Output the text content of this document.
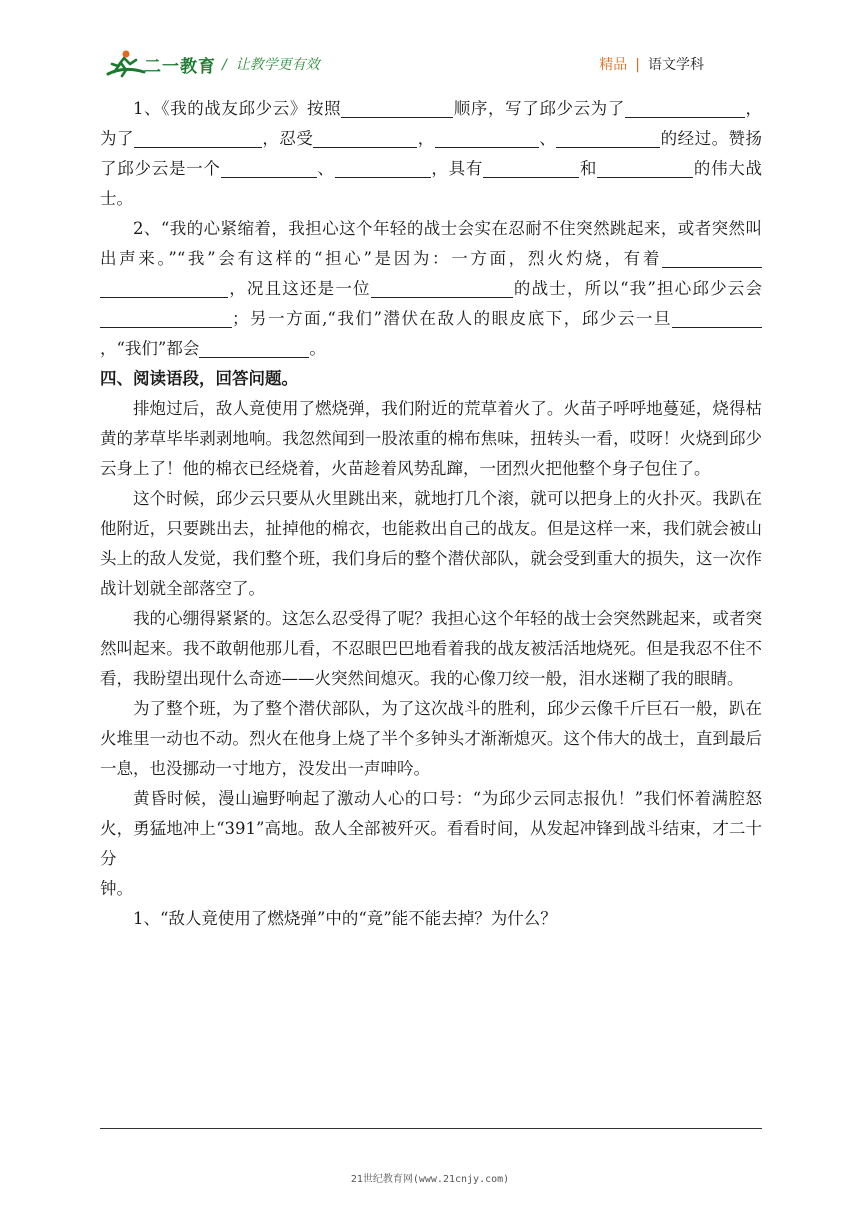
二一教育 /  让教学更有效	精品 | 语文学科

1、《我的战友邱少云》按照	顺序，写了邱少云为了	，为了	，忍受	，	、	的经过。赞扬了邱少云是一个	、	，具有	和	的伟大战士。

2、“我的心紧缩着，我担心这个年轻的战士会实在忍耐不住突然跳起来，或者突然叫出声来。”“我”会有这样的“担心”是因为：一方面，烈火灼烧，有着，况且这还是一位	的战士，所以“我”担心邱少云会；另一方面,“我们”潜伏在敌人的眼皮底下，邱少云一旦，“我们”都会	。

四、阅读语段，回答问题。

排炮过后，敌人竟使用了燃烧弹，我们附近的荒草着火了。火苗子呼呼地蔓延，烧得枯黄的茅草毕毕剥剥地响。我忽然闻到一股浓重的棉布焦味，扭转头一看，哎呀！火烧到邱少云身上了！他的棉衣已经烧着，火苗趁着风势乱蹿，一团烈火把他整个身子包住了。

这个时候，邱少云只要从火里跳出来，就地打几个滚，就可以把身上的火扑灭。我趴在他附近，只要跳出去，扯掉他的棉衣，也能救出自己的战友。但是这样一来，我们就会被山头上的敌人发觉，我们整个班，我们身后的整个潜伏部队，就会受到重大的损失，这一次作战计划就全部落空了。

我的心绷得紧紧的。这怎么忍受得了呢？我担心这个年轻的战士会突然跳起来，或者突然叫起来。我不敢朝他那儿看，不忍眼巴巴地看着我的战友被活活地烧死。但是我忍不住不看，我盼望出现什么奇迹——火突然间熄灭。我的心像刀绞一般，泪水迷糊了我的眼睛。

为了整个班，为了整个潜伏部队，为了这次战斗的胜利，邱少云像千斤巨石一般，趴在火堆里一动也不动。烈火在他身上烧了半个多钟头才渐渐熄灭。这个伟大的战士，直到最后一息，也没挪动一寸地方，没发出一声呻吟。

黄昏时候，漫山遍野响起了激动人心的口号：“为邱少云同志报仇！”我们怀着满腔怒火，勇猛地冲上“391”高地。敌人全部被歼灭。看看时间，从发起冲锋到战斗结束，才二十分

钟。

1、“敌人竟使用了燃烧弹”中的“竟”能不能去掉？为什么？

21世纪教育网(www.21cnjy.com)
